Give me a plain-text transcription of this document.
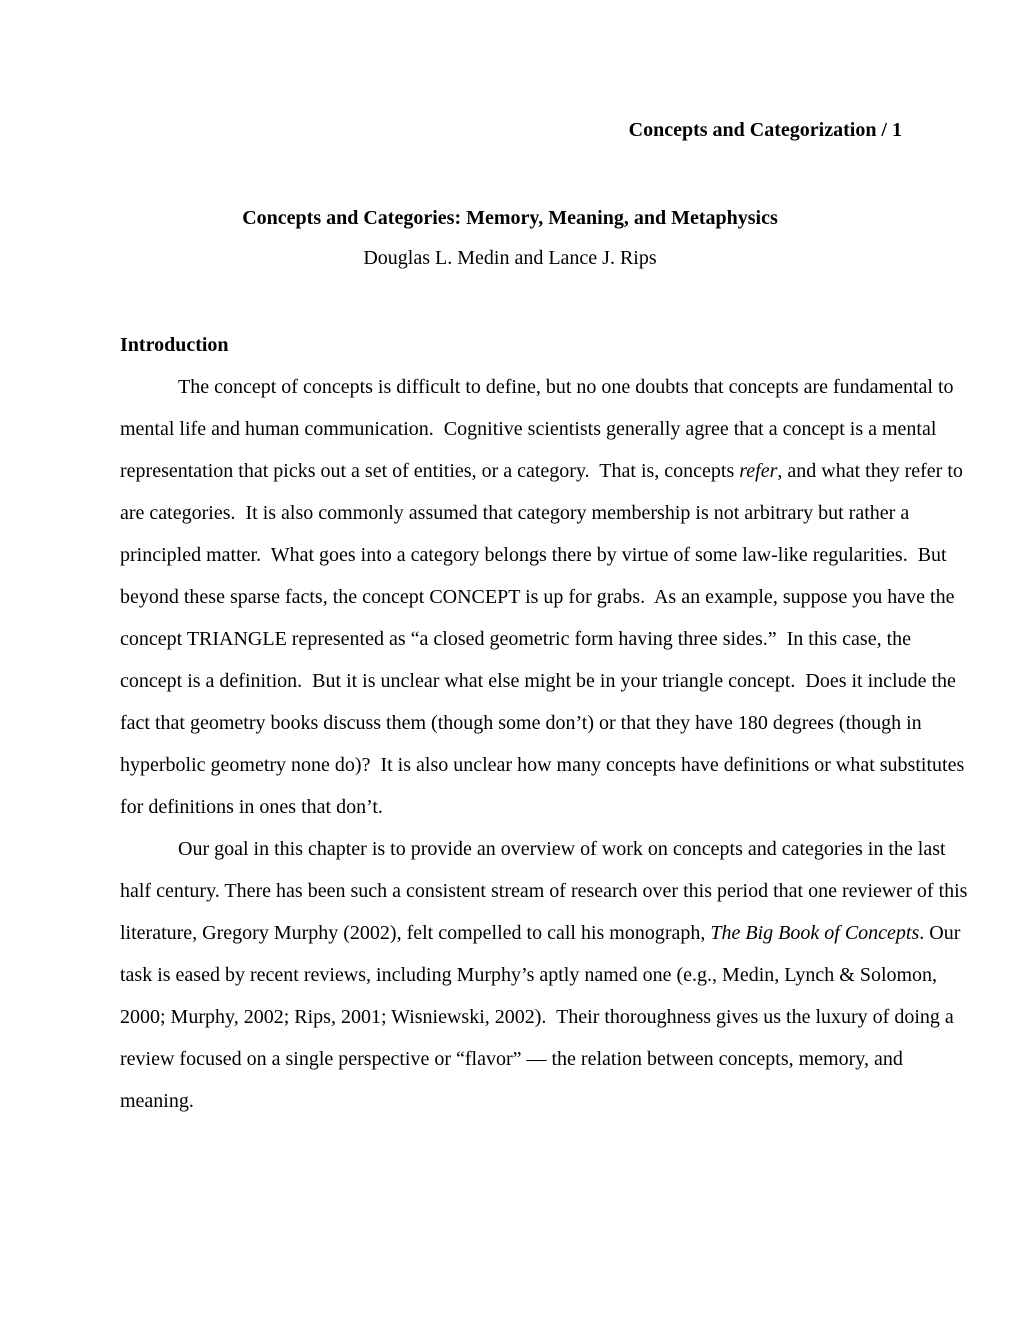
Concepts and Categorization / 1
Concepts and Categories: Memory, Meaning, and Metaphysics
Douglas L. Medin and Lance J. Rips
Introduction
The concept of concepts is difficult to define, but no one doubts that concepts are fundamental to
mental life and human communication.  Cognitive scientists generally agree that a concept is a mental
representation that picks out a set of entities, or a category.  That is, concepts refer, and what they refer to
are categories.  It is also commonly assumed that category membership is not arbitrary but rather a
principled matter.  What goes into a category belongs there by virtue of some law-like regularities.  But
beyond these sparse facts, the concept CONCEPT is up for grabs.  As an example, suppose you have the
concept TRIANGLE represented as “a closed geometric form having three sides.”  In this case, the
concept is a definition.  But it is unclear what else might be in your triangle concept.  Does it include the
fact that geometry books discuss them (though some don’t) or that they have 180 degrees (though in
hyperbolic geometry none do)?  It is also unclear how many concepts have definitions or what substitutes
for definitions in ones that don’t.
Our goal in this chapter is to provide an overview of work on concepts and categories in the last
half century. There has been such a consistent stream of research over this period that one reviewer of this
literature, Gregory Murphy (2002), felt compelled to call his monograph, The Big Book of Concepts. Our
task is eased by recent reviews, including Murphy’s aptly named one (e.g., Medin, Lynch & Solomon,
2000; Murphy, 2002; Rips, 2001; Wisniewski, 2002).  Their thoroughness gives us the luxury of doing a
review focused on a single perspective or “flavor” — the relation between concepts, memory, and
meaning.
